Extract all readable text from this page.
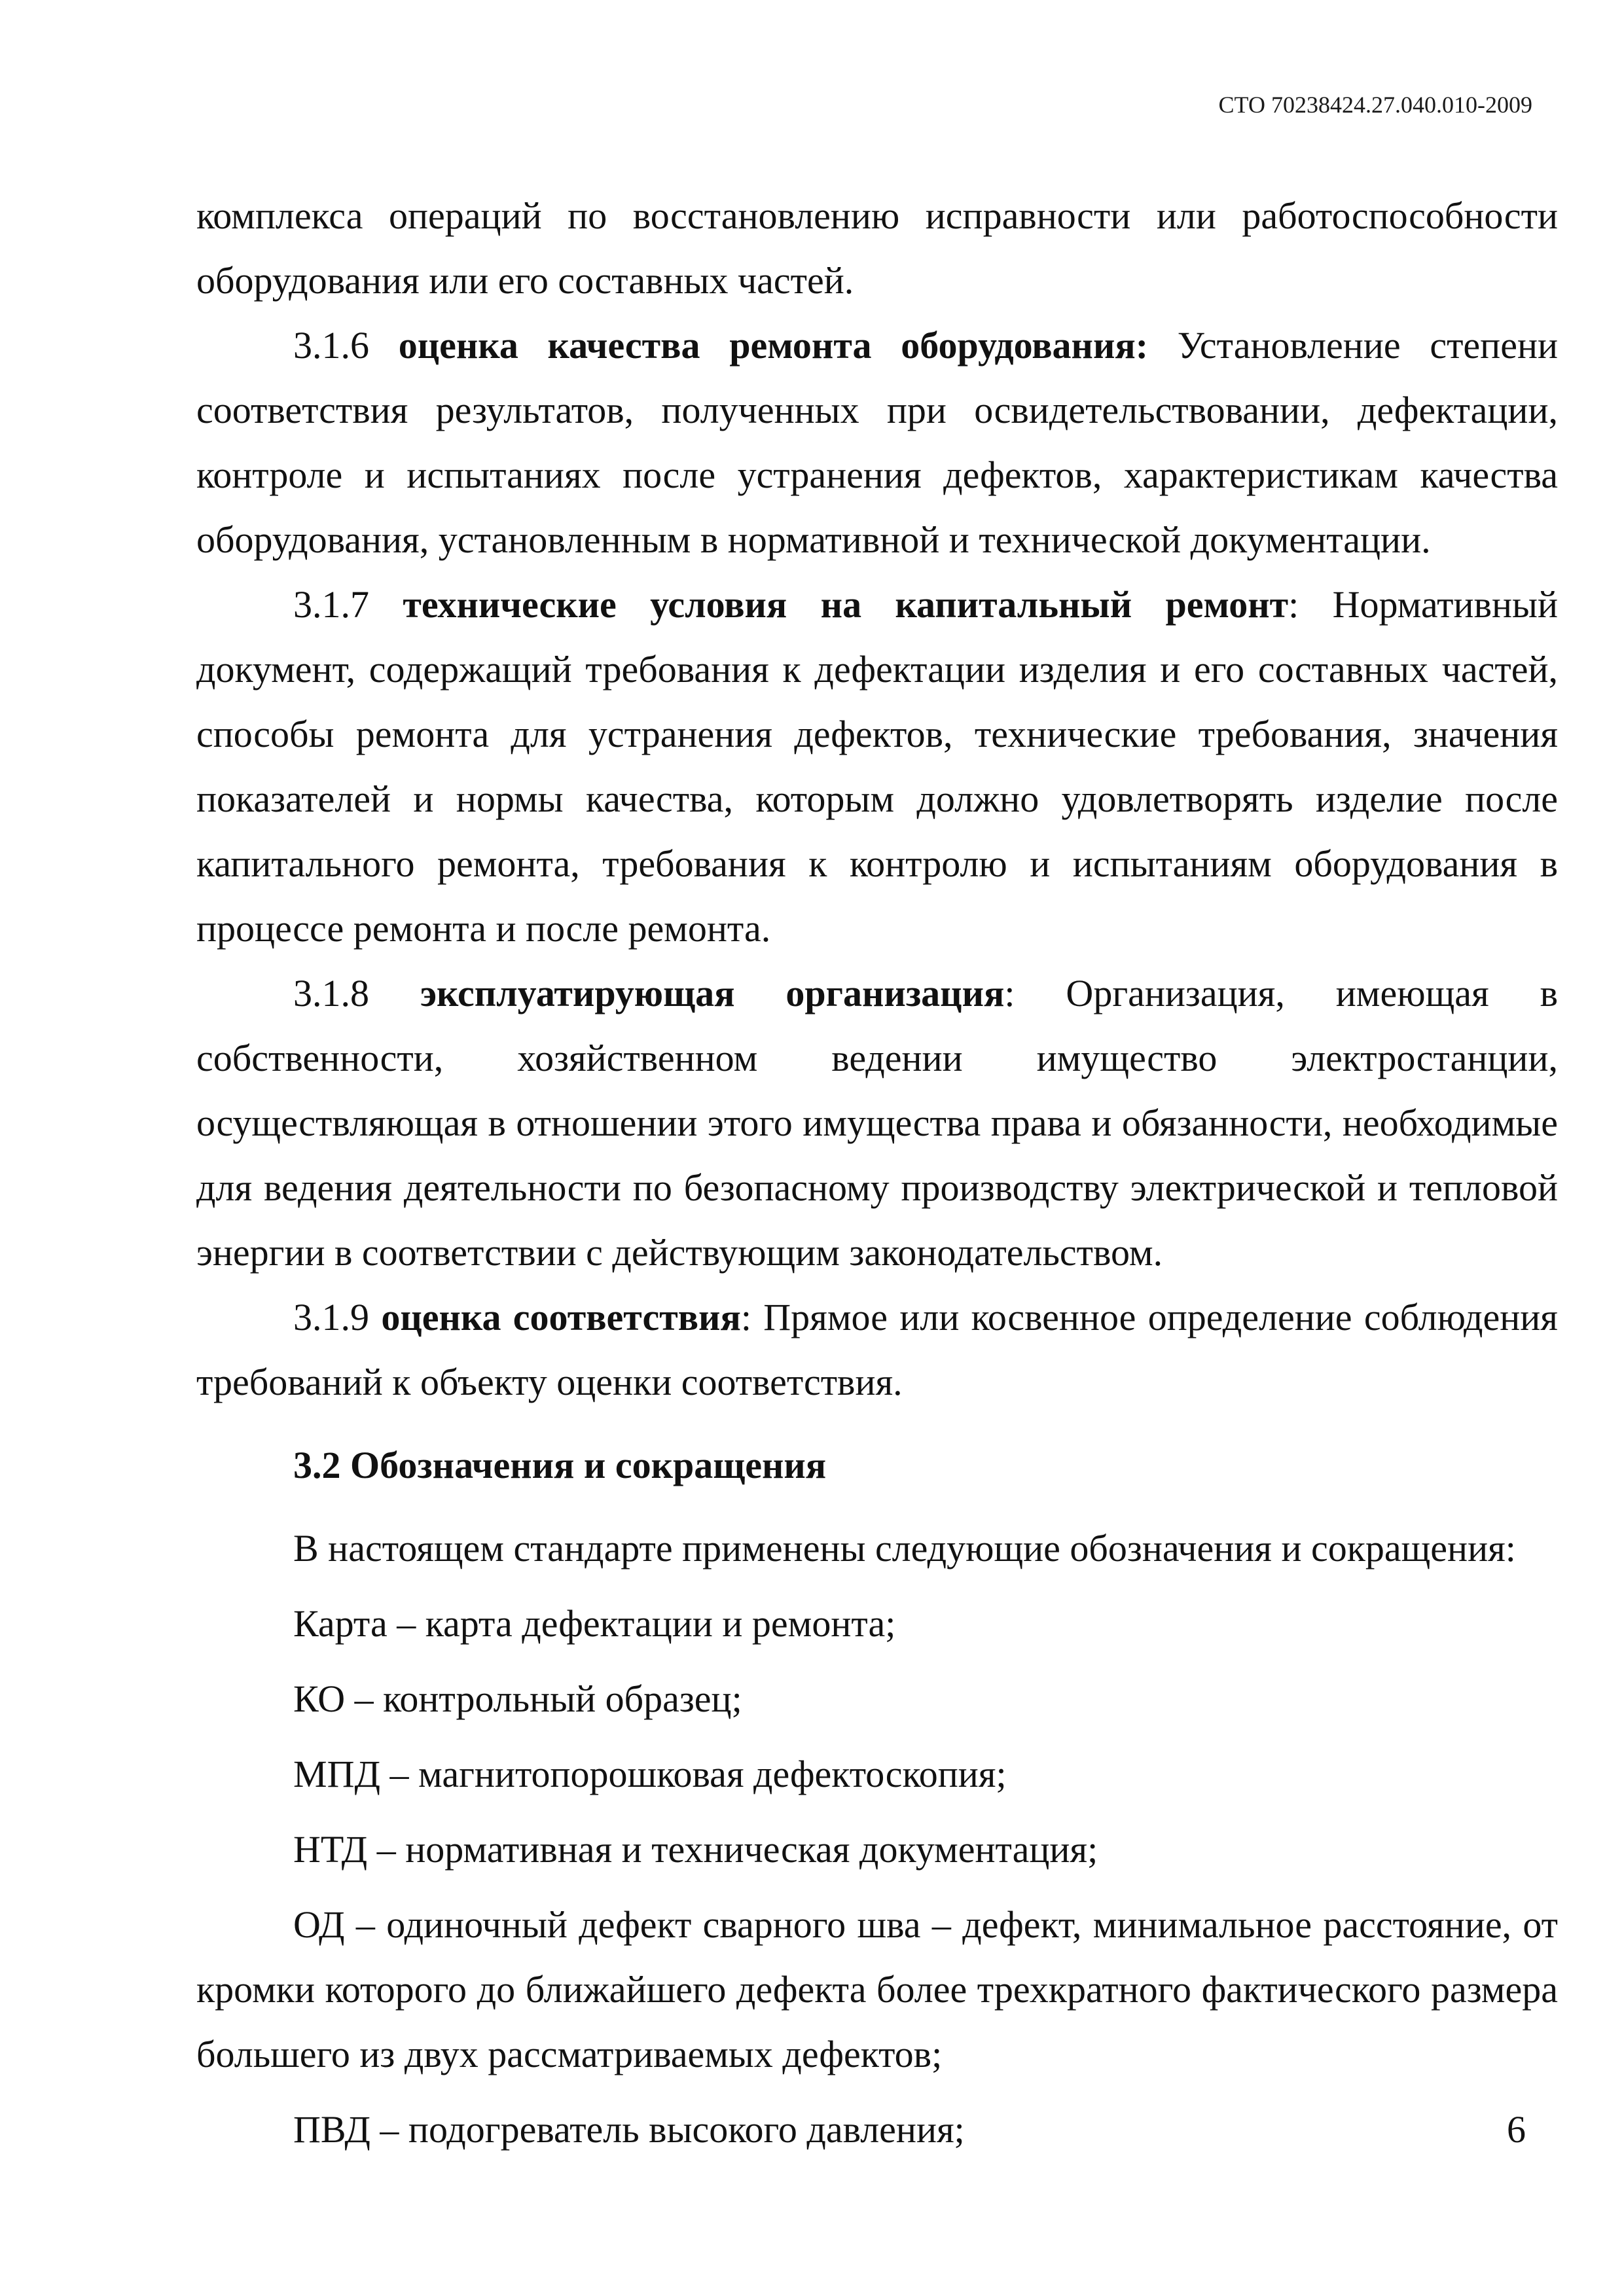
СТО 70238424.27.040.010-2009

комплекса операций по восстановлению исправности или работоспособности оборудования или его составных частей.

3.1.6 оценка качества ремонта оборудования: Установление степени соответствия результатов, полученных при освидетельствовании, дефектации, контроле и испытаниях после устранения дефектов, характеристикам качества оборудования, установленным в нормативной и технической документации.

3.1.7 технические условия на капитальный ремонт: Нормативный документ, содержащий требования к дефектации изделия и его составных частей, способы ремонта для устранения дефектов, технические требования, значения показателей и нормы качества, которым должно удовлетворять изделие после капитального ремонта, требования к контролю и испытаниям оборудования в процессе ремонта и после ремонта.

3.1.8 эксплуатирующая организация: Организация, имеющая в собственности, хозяйственном ведении имущество электростанции, осуществляющая в отношении этого имущества права и обязанности, необходимые для ведения деятельности по безопасному производству электрической и тепловой энергии в соответствии с действующим законодательством.

3.1.9 оценка соответствия: Прямое или косвенное определение соблюдения требований к объекту оценки соответствия.

3.2 Обозначения и сокращения

В настоящем стандарте применены следующие обозначения и сокращения:

Карта – карта дефектации и ремонта;

КО – контрольный образец;

МПД – магнитопорошковая дефектоскопия;

НТД – нормативная и техническая документация;

ОД – одиночный дефект сварного шва – дефект, минимальное расстояние, от кромки которого до ближайшего дефекта более трехкратного фактического размера большего из двух рассматриваемых дефектов;

ПВД – подогреватель высокого давления;	6
